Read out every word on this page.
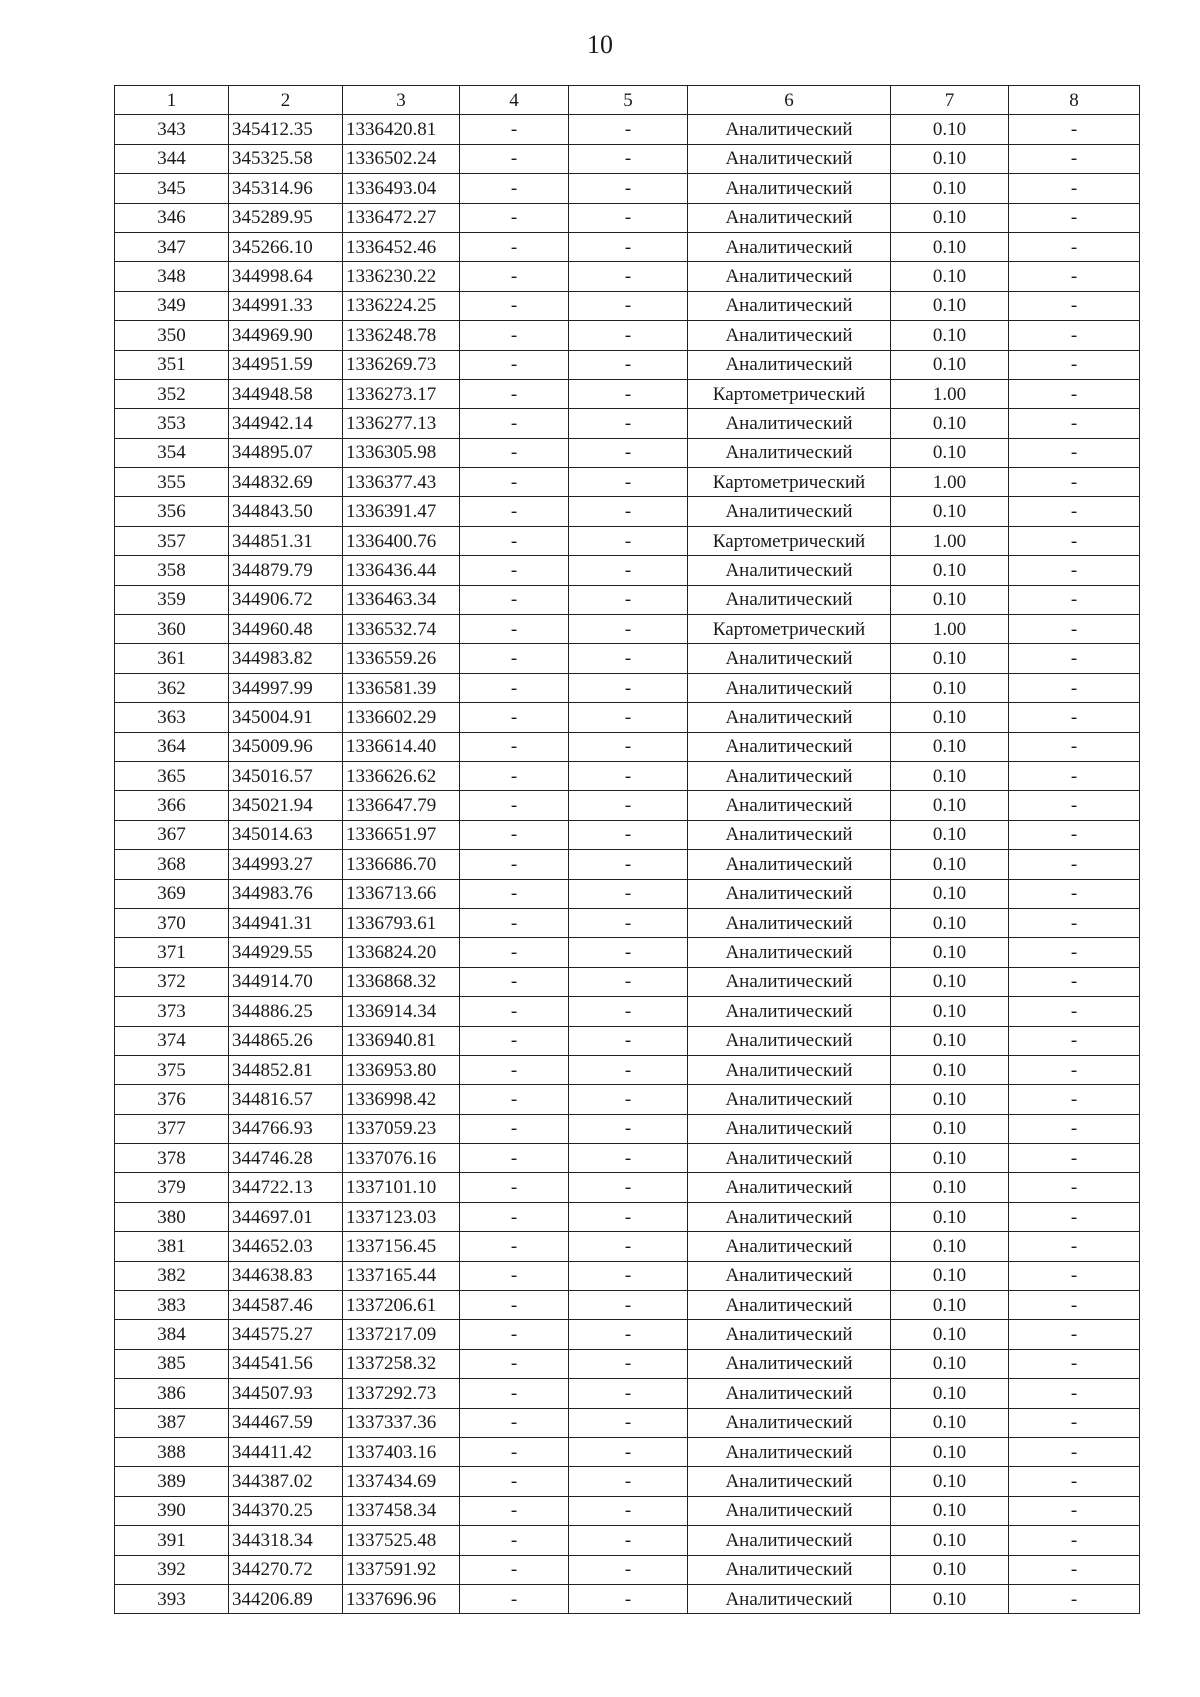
10
1	2	3	4	5	6	7	8
343	345412.35	1336420.81	-	-	Аналитический	0.10	-
344	345325.58	1336502.24	-	-	Аналитический	0.10	-
345	345314.96	1336493.04	-	-	Аналитический	0.10	-
346	345289.95	1336472.27	-	-	Аналитический	0.10	-
347	345266.10	1336452.46	-	-	Аналитический	0.10	-
348	344998.64	1336230.22	-	-	Аналитический	0.10	-
349	344991.33	1336224.25	-	-	Аналитический	0.10	-
350	344969.90	1336248.78	-	-	Аналитический	0.10	-
351	344951.59	1336269.73	-	-	Аналитический	0.10	-
352	344948.58	1336273.17	-	-	Картометрический	1.00	-
353	344942.14	1336277.13	-	-	Аналитический	0.10	-
354	344895.07	1336305.98	-	-	Аналитический	0.10	-
355	344832.69	1336377.43	-	-	Картометрический	1.00	-
356	344843.50	1336391.47	-	-	Аналитический	0.10	-
357	344851.31	1336400.76	-	-	Картометрический	1.00	-
358	344879.79	1336436.44	-	-	Аналитический	0.10	-
359	344906.72	1336463.34	-	-	Аналитический	0.10	-
360	344960.48	1336532.74	-	-	Картометрический	1.00	-
361	344983.82	1336559.26	-	-	Аналитический	0.10	-
362	344997.99	1336581.39	-	-	Аналитический	0.10	-
363	345004.91	1336602.29	-	-	Аналитический	0.10	-
364	345009.96	1336614.40	-	-	Аналитический	0.10	-
365	345016.57	1336626.62	-	-	Аналитический	0.10	-
366	345021.94	1336647.79	-	-	Аналитический	0.10	-
367	345014.63	1336651.97	-	-	Аналитический	0.10	-
368	344993.27	1336686.70	-	-	Аналитический	0.10	-
369	344983.76	1336713.66	-	-	Аналитический	0.10	-
370	344941.31	1336793.61	-	-	Аналитический	0.10	-
371	344929.55	1336824.20	-	-	Аналитический	0.10	-
372	344914.70	1336868.32	-	-	Аналитический	0.10	-
373	344886.25	1336914.34	-	-	Аналитический	0.10	-
374	344865.26	1336940.81	-	-	Аналитический	0.10	-
375	344852.81	1336953.80	-	-	Аналитический	0.10	-
376	344816.57	1336998.42	-	-	Аналитический	0.10	-
377	344766.93	1337059.23	-	-	Аналитический	0.10	-
378	344746.28	1337076.16	-	-	Аналитический	0.10	-
379	344722.13	1337101.10	-	-	Аналитический	0.10	-
380	344697.01	1337123.03	-	-	Аналитический	0.10	-
381	344652.03	1337156.45	-	-	Аналитический	0.10	-
382	344638.83	1337165.44	-	-	Аналитический	0.10	-
383	344587.46	1337206.61	-	-	Аналитический	0.10	-
384	344575.27	1337217.09	-	-	Аналитический	0.10	-
385	344541.56	1337258.32	-	-	Аналитический	0.10	-
386	344507.93	1337292.73	-	-	Аналитический	0.10	-
387	344467.59	1337337.36	-	-	Аналитический	0.10	-
388	344411.42	1337403.16	-	-	Аналитический	0.10	-
389	344387.02	1337434.69	-	-	Аналитический	0.10	-
390	344370.25	1337458.34	-	-	Аналитический	0.10	-
391	344318.34	1337525.48	-	-	Аналитический	0.10	-
392	344270.72	1337591.92	-	-	Аналитический	0.10	-
393	344206.89	1337696.96	-	-	Аналитический	0.10	-
